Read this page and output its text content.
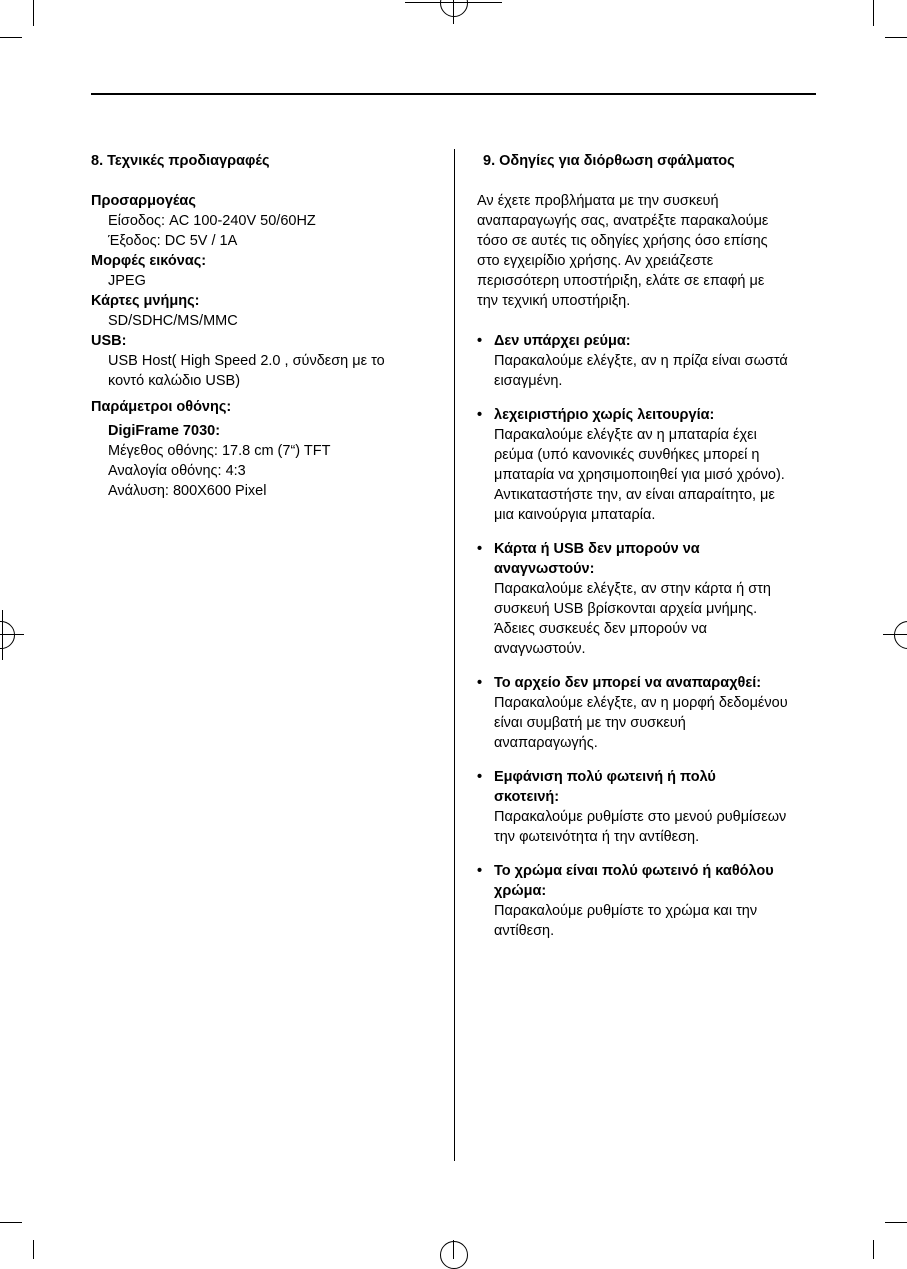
8. Τεχνικές προδιαγραφές
Προσαρμογέας
Είσοδος: AC 100-240V 50/60HZ
Έξοδος: DC 5V / 1A
Μορφές εικόνας:
JPEG
Κάρτες μνήμης:
SD/SDHC/MS/MMC
USB:
USB Host( High Speed 2.0 , σύνδεση με το
κοντό καλώδιο USB)
Παράμετροι οθόνης:
DigiFrame 7030:
Μέγεθος οθόνης: 17.8 cm (7“) TFT
Αναλογία οθόνης: 4:3
Ανάλυση: 800X600 Pixel
9. Οδηγίες για διόρθωση σφάλματος
Αν έχετε προβλήματα με την συσκευή
αναπαραγωγής σας, ανατρέξτε παρακαλούμε
τόσο σε αυτές τις οδηγίες χρήσης όσο επίσης
στο εγχειρίδιο χρήσης. Αν χρειάζεστε
περισσότερη υποστήριξη, ελάτε σε επαφή με
την τεχνική υποστήριξη.
• Δεν υπάρχει ρεύμα:
Παρακαλούμε ελέγξτε, αν η πρίζα είναι σωστά
εισαγμένη.
• λεχειριστήριο χωρίς λειτουργία:
Παρακαλούμε ελέγξτε αν η μπαταρία έχει
ρεύμα (υπό κανονικές συνθήκες μπορεί η
μπαταρία να χρησιμοποιηθεί για μισό χρόνο).
Αντικαταστήστε την, αν είναι απαραίτητο, με
μια καινούργια μπαταρία.
• Κάρτα ή USB δεν μπορούν να
αναγνωστούν:
Παρακαλούμε ελέγξτε, αν στην κάρτα ή στη
συσκευή USB βρίσκονται αρχεία μνήμης.
Άδειες συσκευές δεν μπορούν να
αναγνωστούν.
• Το αρχείο δεν μπορεί να αναπαραχθεί:
Παρακαλούμε ελέγξτε, αν η μορφή δεδομένου
είναι συμβατή με την συσκευή
αναπαραγωγής.
• Εμφάνιση πολύ φωτεινή ή πολύ
σκοτεινή:
Παρακαλούμε ρυθμίστε στο μενού ρυθμίσεων
την φωτεινότητα ή την αντίθεση.
• Το χρώμα είναι πολύ φωτεινό ή καθόλου
χρώμα:
Παρακαλούμε ρυθμίστε το χρώμα και την
αντίθεση.
